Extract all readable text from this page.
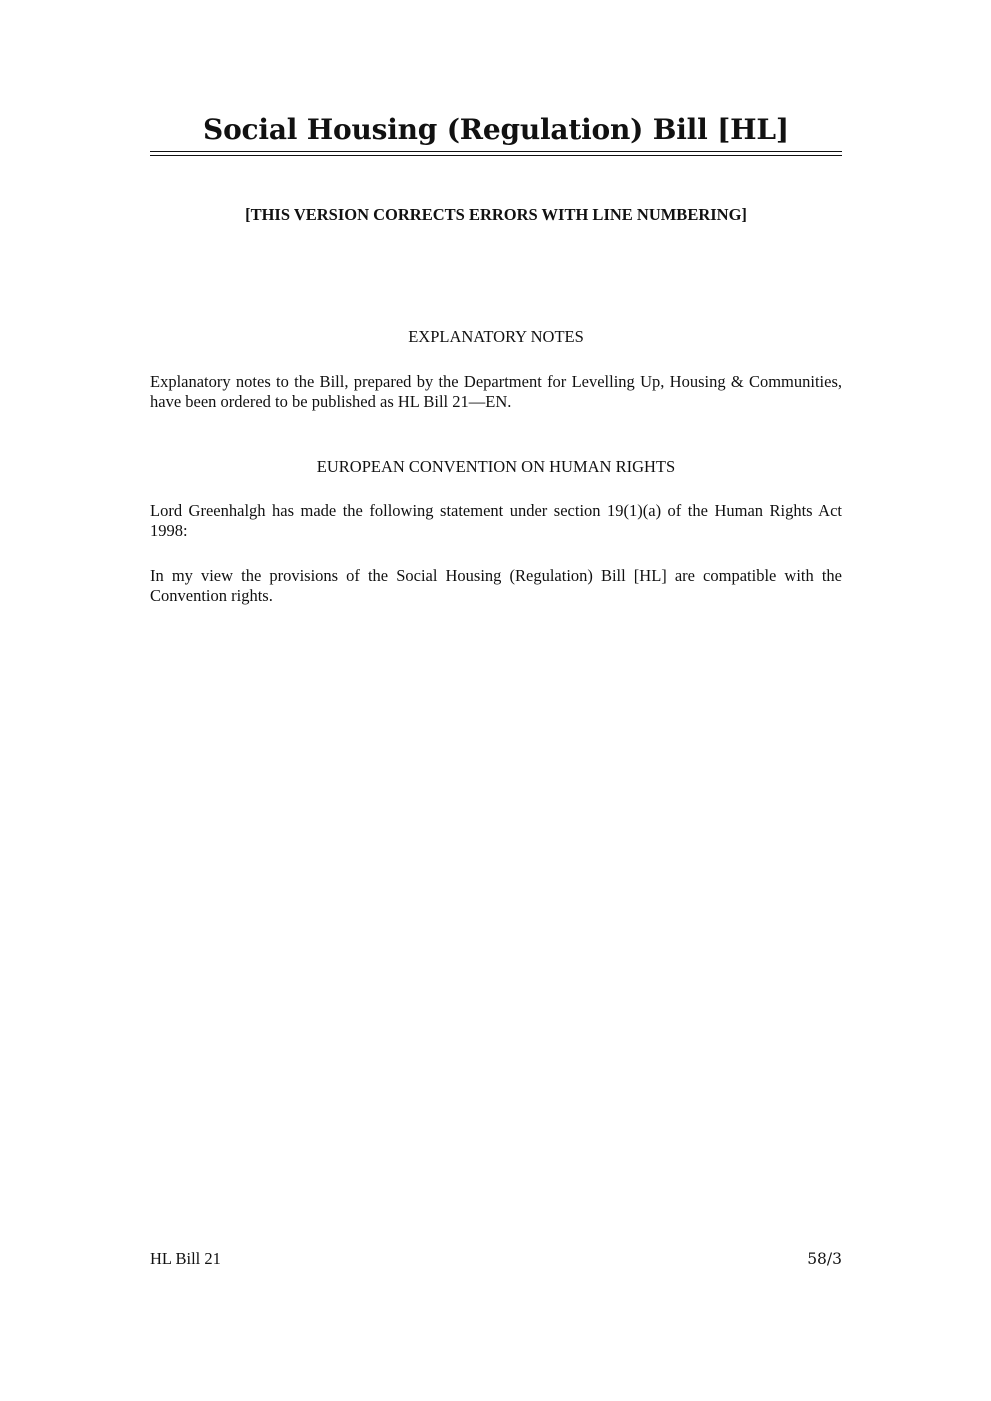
Social Housing (Regulation) Bill [HL]

[THIS VERSION CORRECTS ERRORS WITH LINE NUMBERING]

EXPLANATORY NOTES

Explanatory notes to the Bill, prepared by the Department for Levelling Up, Housing & Communities, have been ordered to be published as HL Bill 21—EN.

EUROPEAN CONVENTION ON HUMAN RIGHTS

Lord Greenhalgh has made the following statement under section 19(1)(a) of the Human Rights Act 1998:

In my view the provisions of the Social Housing (Regulation) Bill [HL] are compatible with the Convention rights.

HL Bill 21	58/3
